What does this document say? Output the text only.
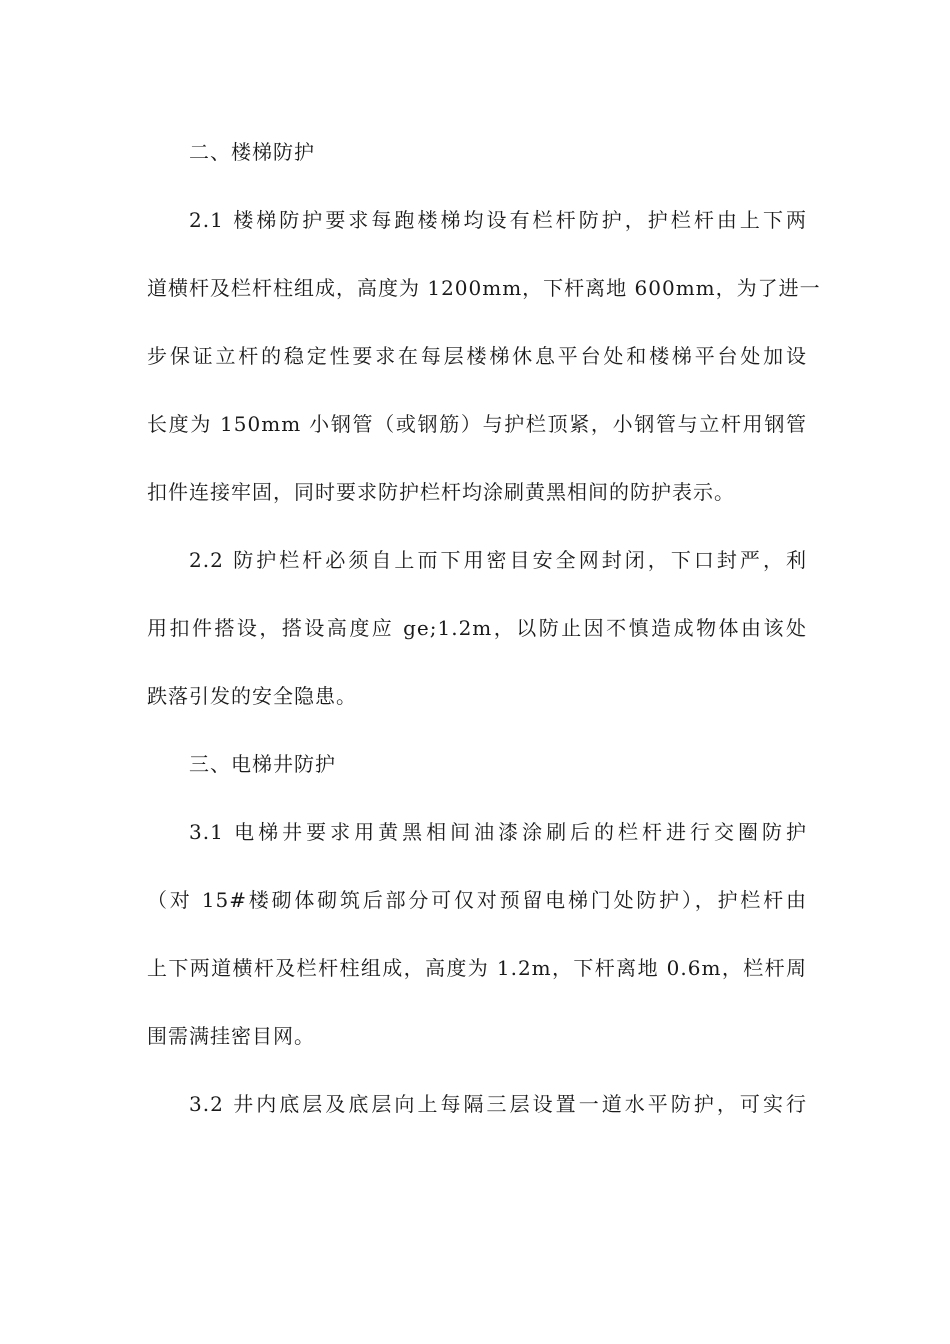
二、楼梯防护

2.1 楼梯防护要求每跑楼梯均设有栏杆防护，护栏杆由上下两
道横杆及栏杆柱组成，高度为 1200mm，下杆离地 600mm，为了进一
步保证立杆的稳定性要求在每层楼梯休息平台处和楼梯平台处加设
长度为 150mm 小钢管（或钢筋）与护栏顶紧，小钢管与立杆用钢管
扣件连接牢固，同时要求防护栏杆均涂刷黄黑相间的防护表示。
2.2 防护栏杆必须自上而下用密目安全网封闭，下口封严，利
用扣件搭设，搭设高度应 ge;1.2m，以防止因不慎造成物体由该处
跌落引发的安全隐患。

三、电梯井防护

3.1 电梯井要求用黄黑相间油漆涂刷后的栏杆进行交圈防护
（对 15#楼砌体砌筑后部分可仅对预留电梯门处防护），护栏杆由
上下两道横杆及栏杆柱组成，高度为 1.2m，下杆离地 0.6m，栏杆周
围需满挂密目网。
3.2 井内底层及底层向上每隔三层设置一道水平防护，可实行
